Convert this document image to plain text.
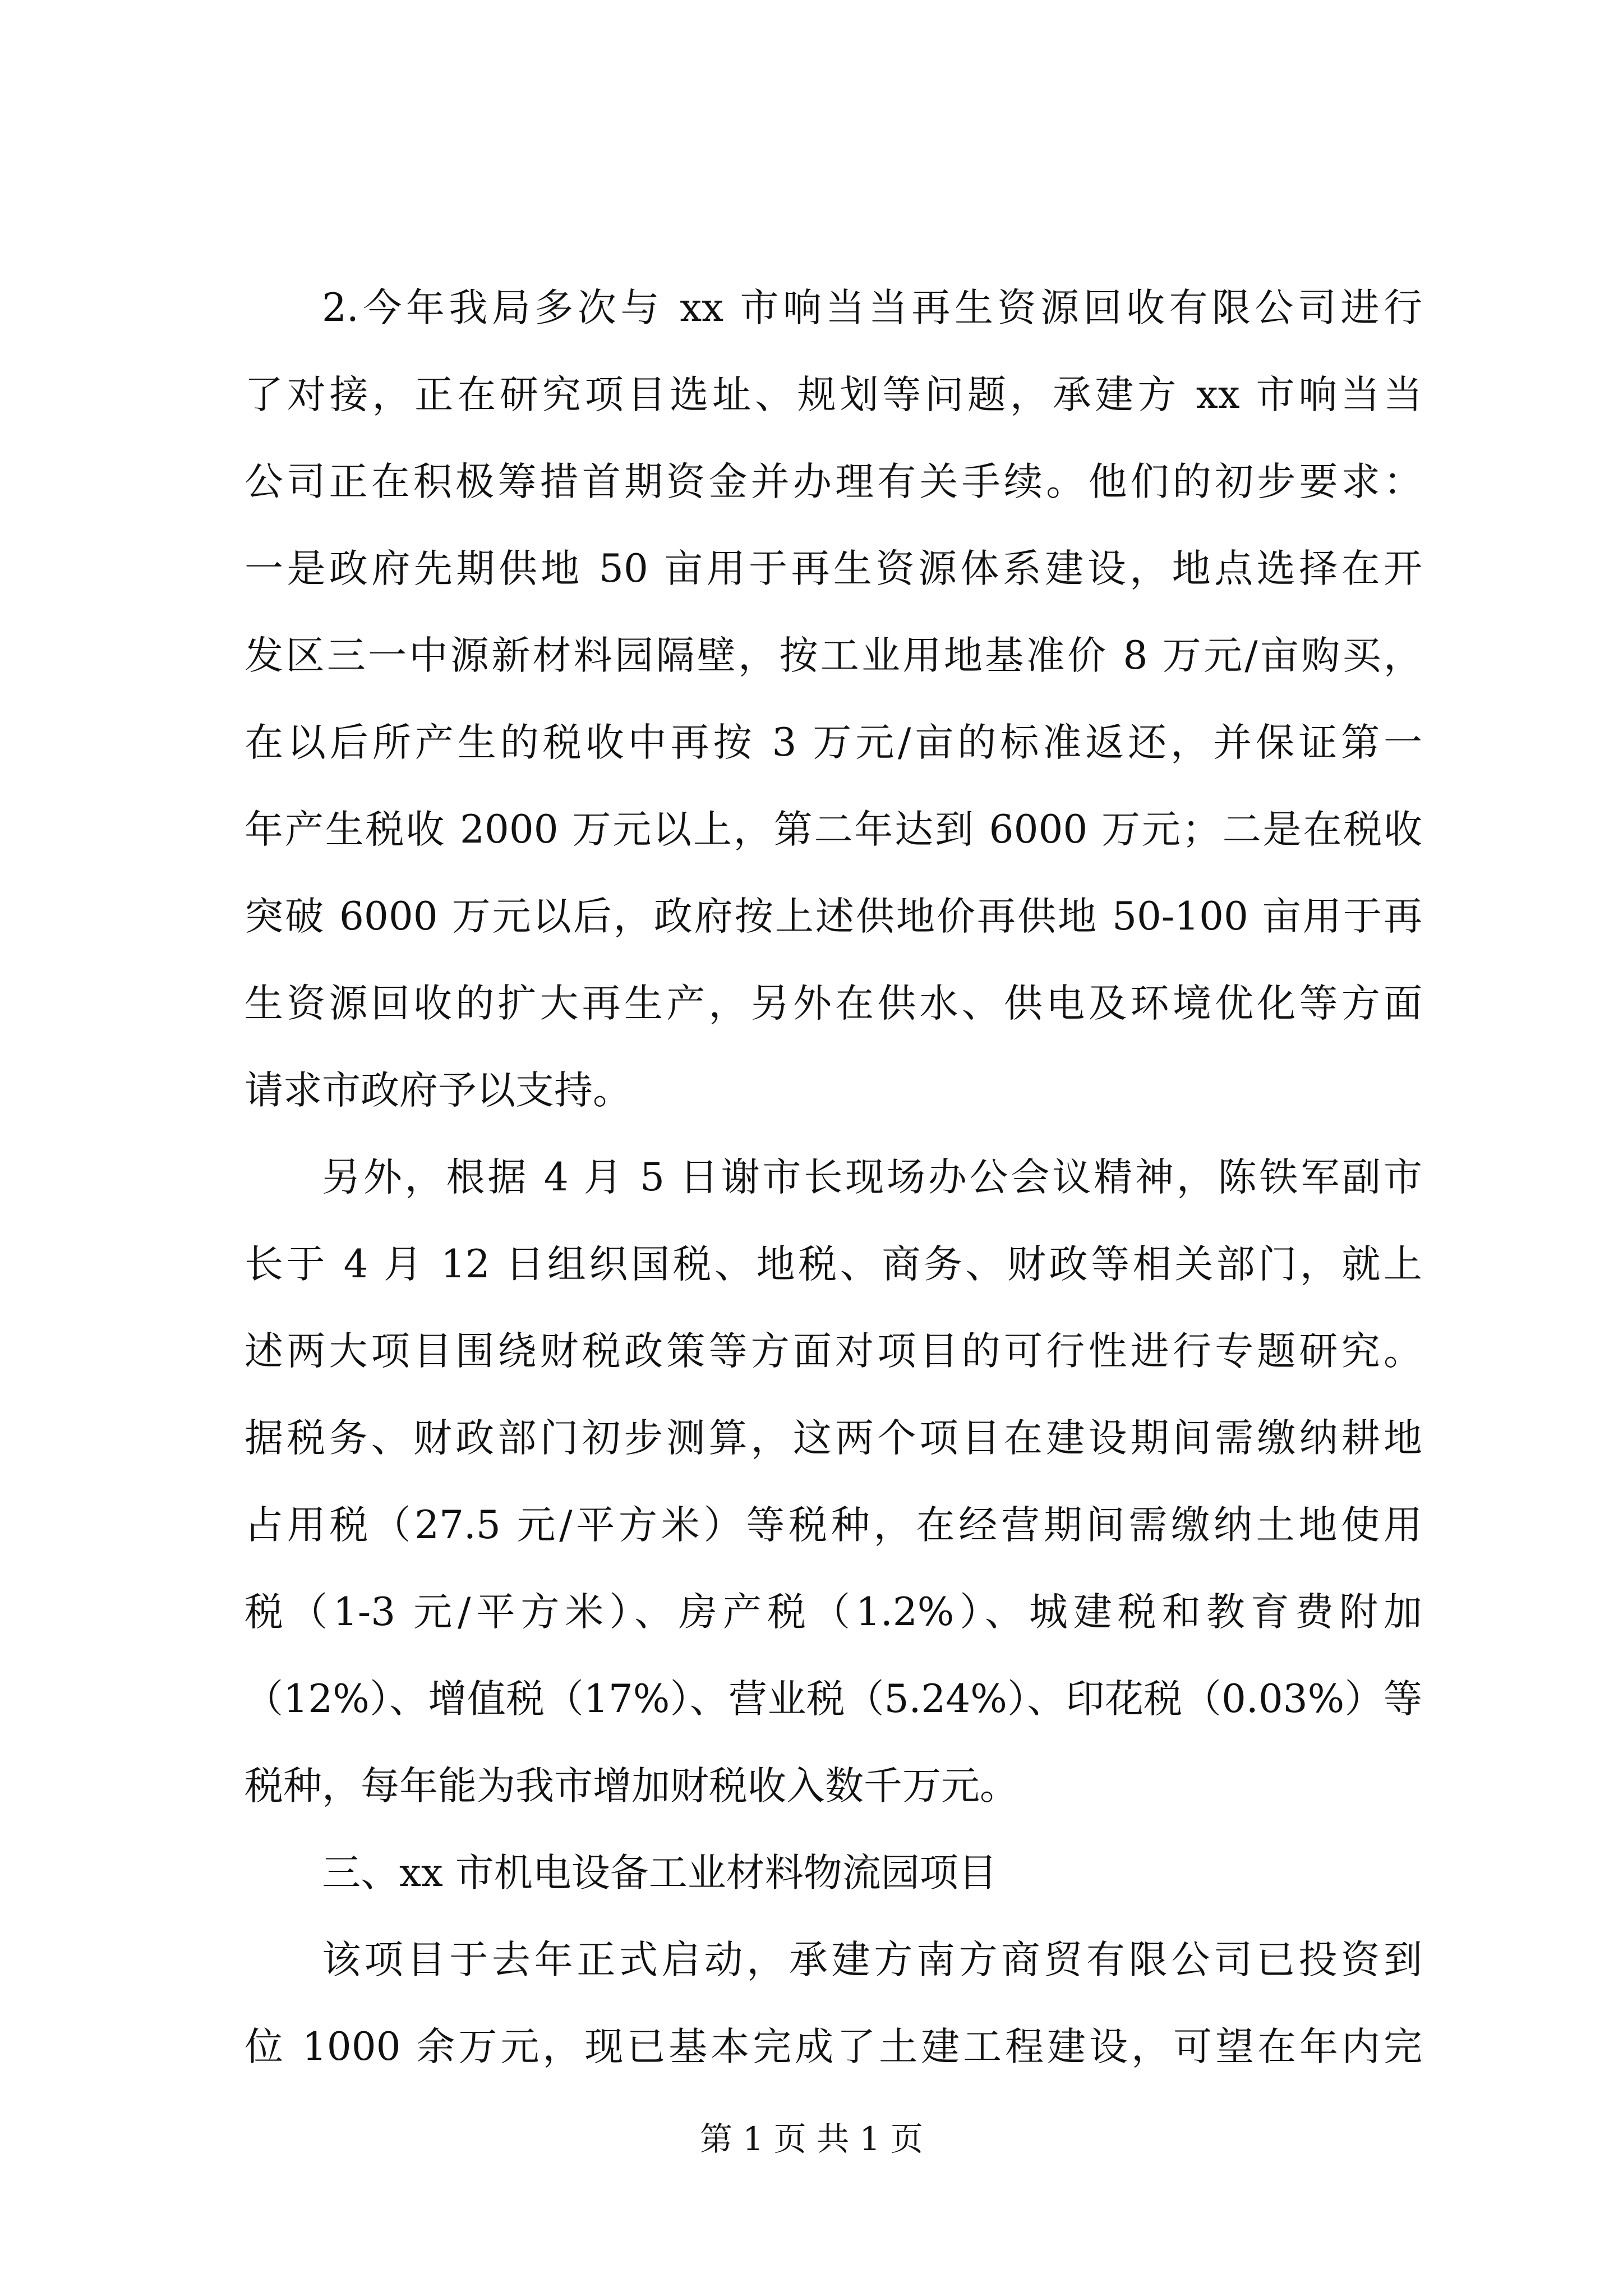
2.今年我局多次与 xx 市响当当再生资源回收有限公司进行
了对接，正在研究项目选址、规划等问题，承建方 xx 市响当当
公司正在积极筹措首期资金并办理有关手续。他们的初步要求：
一是政府先期供地 50 亩用于再生资源体系建设，地点选择在开
发区三一中源新材料园隔壁，按工业用地基准价 8 万元/亩购买，
在以后所产生的税收中再按 3 万元/亩的标准返还，并保证第一
年产生税收 2000 万元以上，第二年达到 6000 万元；二是在税收
突破 6000 万元以后，政府按上述供地价再供地 50-100 亩用于再
生资源回收的扩大再生产，另外在供水、供电及环境优化等方面
请求市政府予以支持。
另外，根据 4 月 5 日谢市长现场办公会议精神，陈铁军副市
长于 4 月 12 日组织国税、地税、商务、财政等相关部门，就上
述两大项目围绕财税政策等方面对项目的可行性进行专题研究。
据税务、财政部门初步测算，这两个项目在建设期间需缴纳耕地
占用税（27.5 元/平方米）等税种，在经营期间需缴纳土地使用
税（1-3 元/平方米）、房产税（1.2%）、城建税和教育费附加
（12%）、增值税（17%）、营业税（5.24%）、印花税（0.03%）等
税种，每年能为我市增加财税收入数千万元。
三、xx 市机电设备工业材料物流园项目
该项目于去年正式启动，承建方南方商贸有限公司已投资到
位 1000 余万元，现已基本完成了土建工程建设，可望在年内完
第 1 页 共 1 页
